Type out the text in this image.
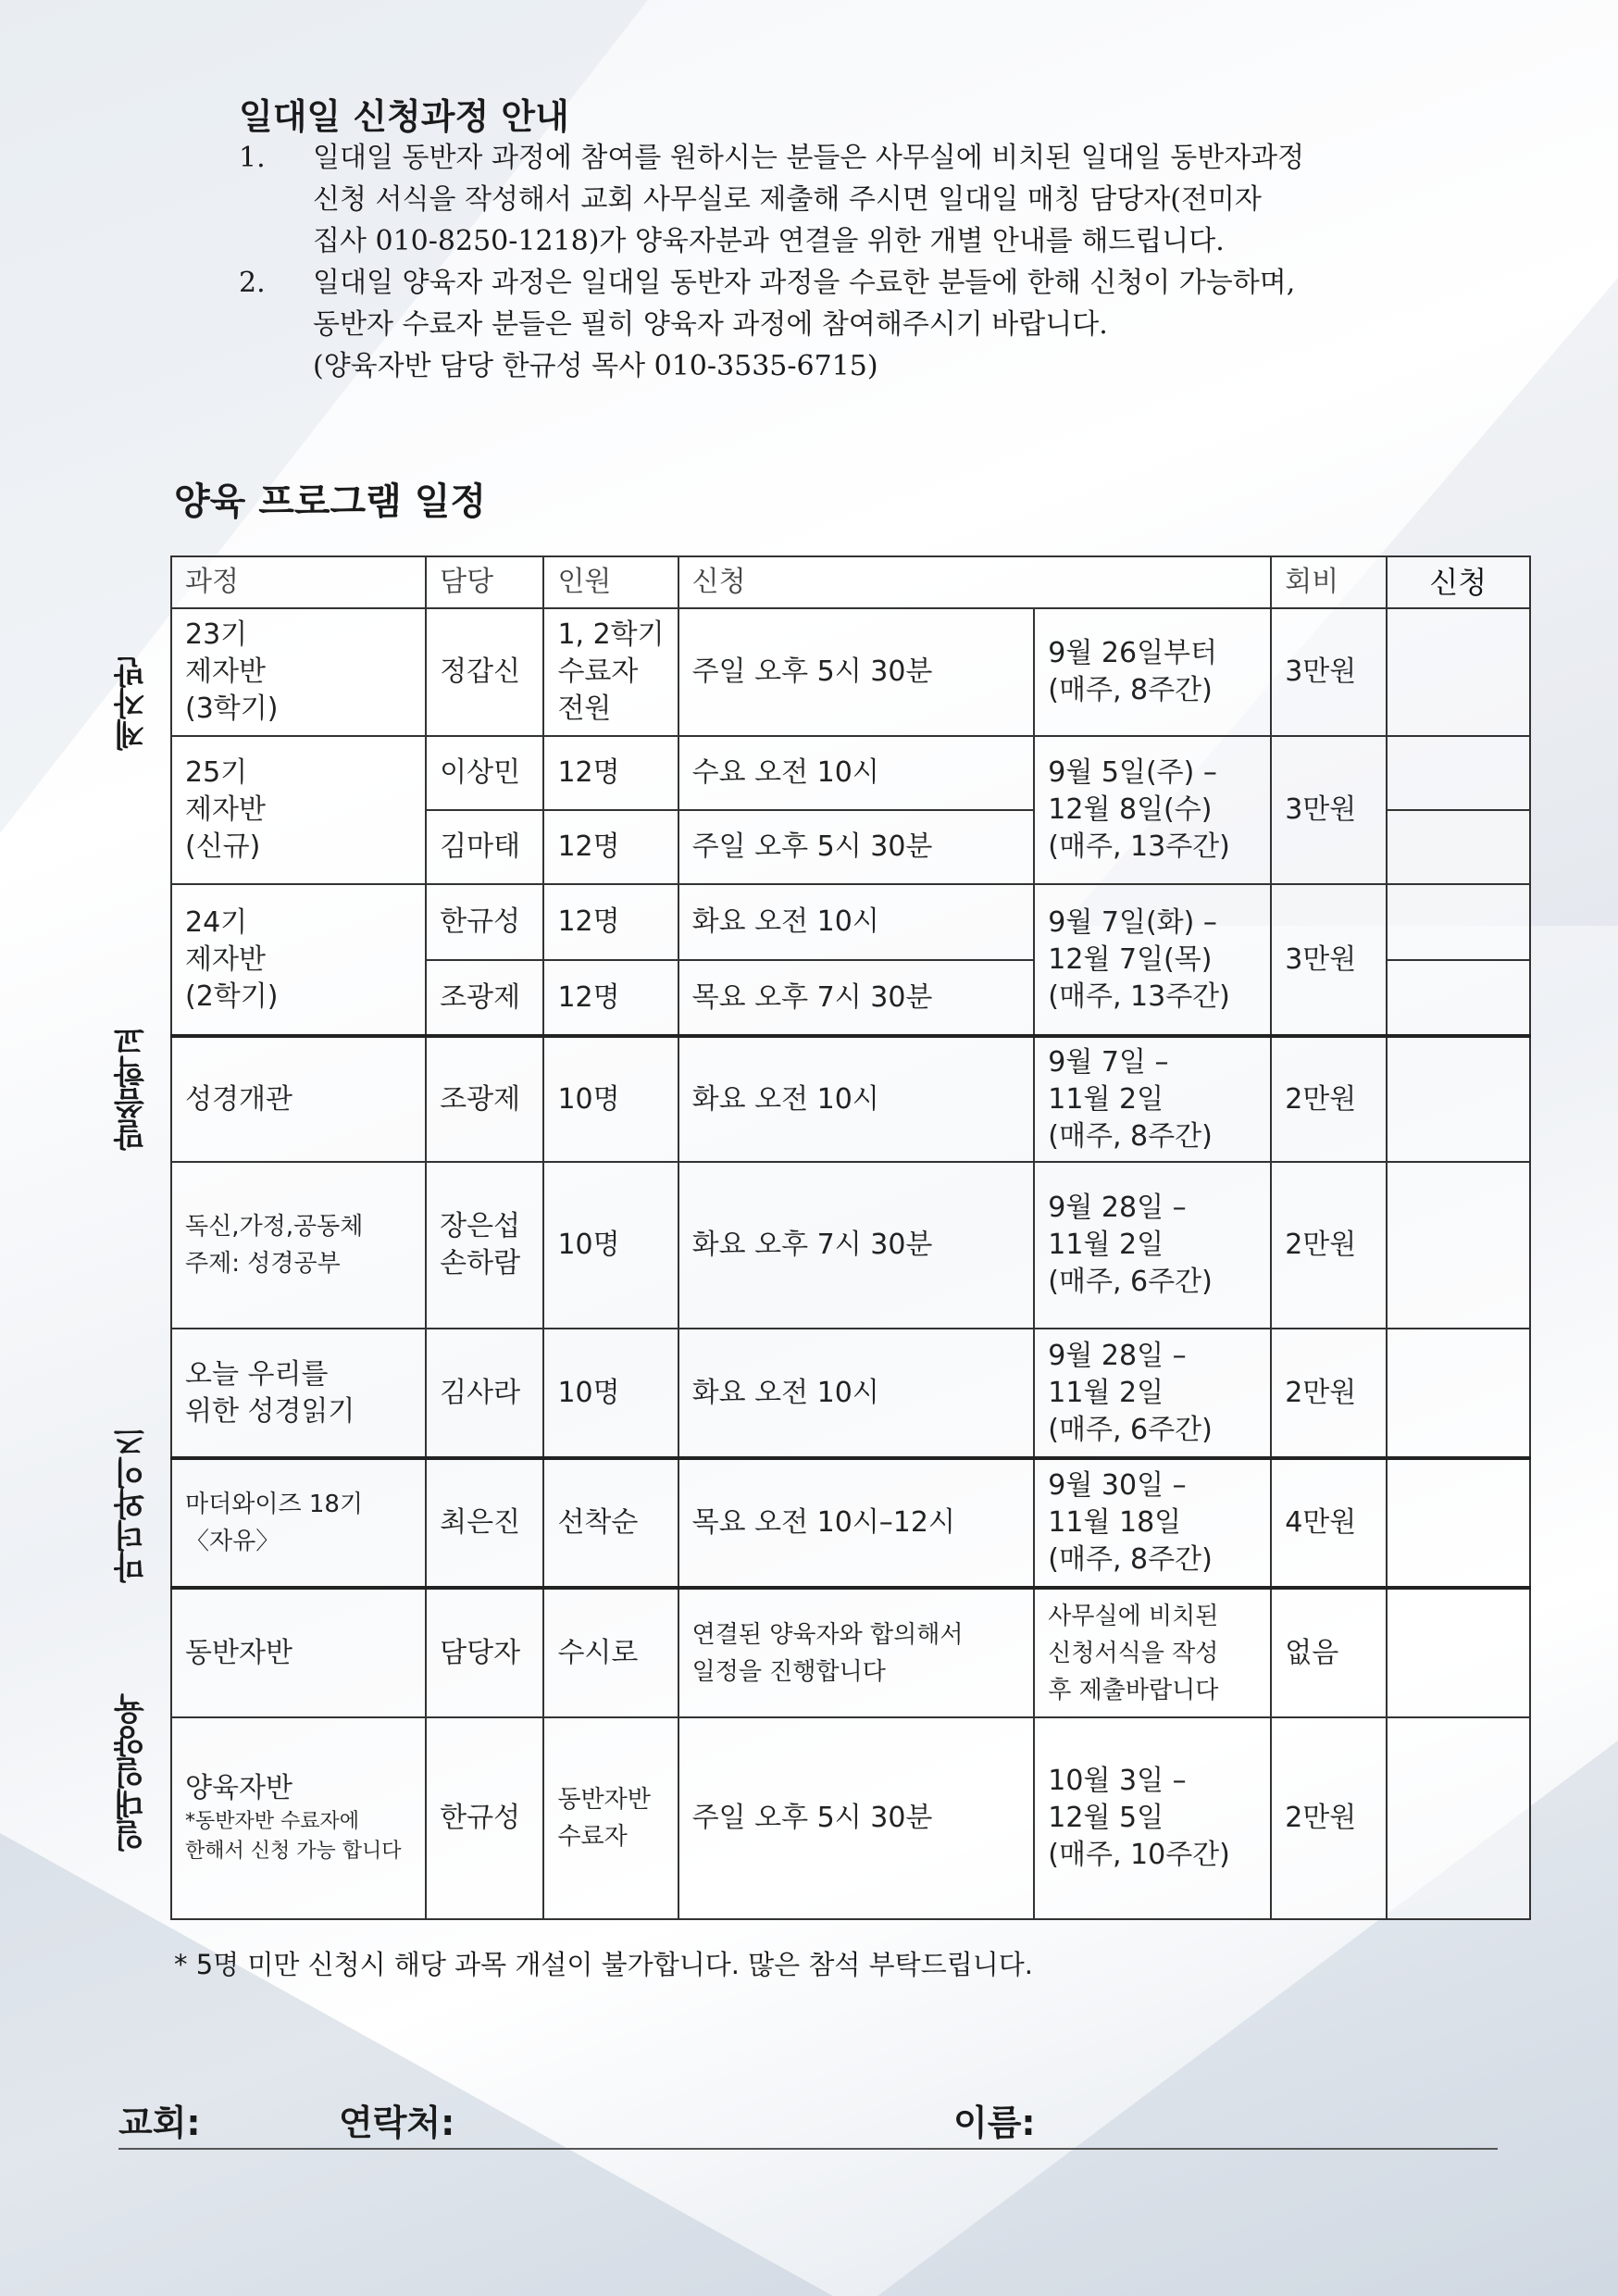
일대일 신청과정 안내
1.	일대일 동반자 과정에 참여를 원하시는 분들은 사무실에 비치된 일대일 동반자과정
신청 서식을 작성해서 교회 사무실로 제출해 주시면 일대일 매칭 담당자(전미자
집사 010-8250-1218)가 양육자분과 연결을 위한 개별 안내를 해드립니다.
2.	일대일 양육자 과정은 일대일 동반자 과정을 수료한 분들에 한해 신청이 가능하며,
동반자 수료자 분들은 필히 양육자 과정에 참여해주시기 바랍니다.
(양육자반 담당 한규성 목사 010-3535-6715)
양육 프로그램 일정
제자반
말씀학교
마더와이즈
일대일양육
과정	담당	인원	신청		회비	신청

23기
제자반
(3학기)	정갑신	1, 2학기
수료자
전원	주일 오후 5시 30분	9월 26일부터
(매주, 8주간)	3만원	

25기
제자반
(신규)	이상민	12명	수요 오전 10시	9월 5일(주) –
12월 8일(수)
(매주, 13주간)	3만원	

	김마태	12명	주일 오후 5시 30분			

24기
제자반
(2학기)	한규성	12명	화요 오전 10시	9월 7일(화) –
12월 7일(목)
(매주, 13주간)	3만원	

	조광제	12명	목요 오후 7시 30분			

성경개관	조광제	10명	화요 오전 10시	9월 7일 –
11월 2일
(매주, 8주간)	2만원	

독신,가정,공동체
주제: 성경공부	장은섭
손하람	10명	화요 오후 7시 30분	9월 28일 –
11월 2일
(매주, 6주간)	2만원	

오늘 우리를
위한 성경읽기	김사라	10명	화요 오전 10시	9월 28일 –
11월 2일
(매주, 6주간)	2만원	

마더와이즈 18기
〈자유〉	최은진	선착순	목요 오전 10시–12시	9월 30일 –
11월 18일
(매주, 8주간)	4만원	

동반자반	담당자	수시로	연결된 양육자와 합의해서
일정을 진행합니다	사무실에 비치된
신청서식을 작성
후 제출바랍니다	없음	

양육자반
*동반자반 수료자에
한해서 신청 가능 합니다	한규성	동반자반
수료자	주일 오후 5시 30분	10월 3일 –
12월 5일
(매주, 10주간)	2만원	
* 5명 미만 신청시 해당 과목 개설이 불가합니다. 많은 참석 부탁드립니다.
교회:	연락처:	이름:
